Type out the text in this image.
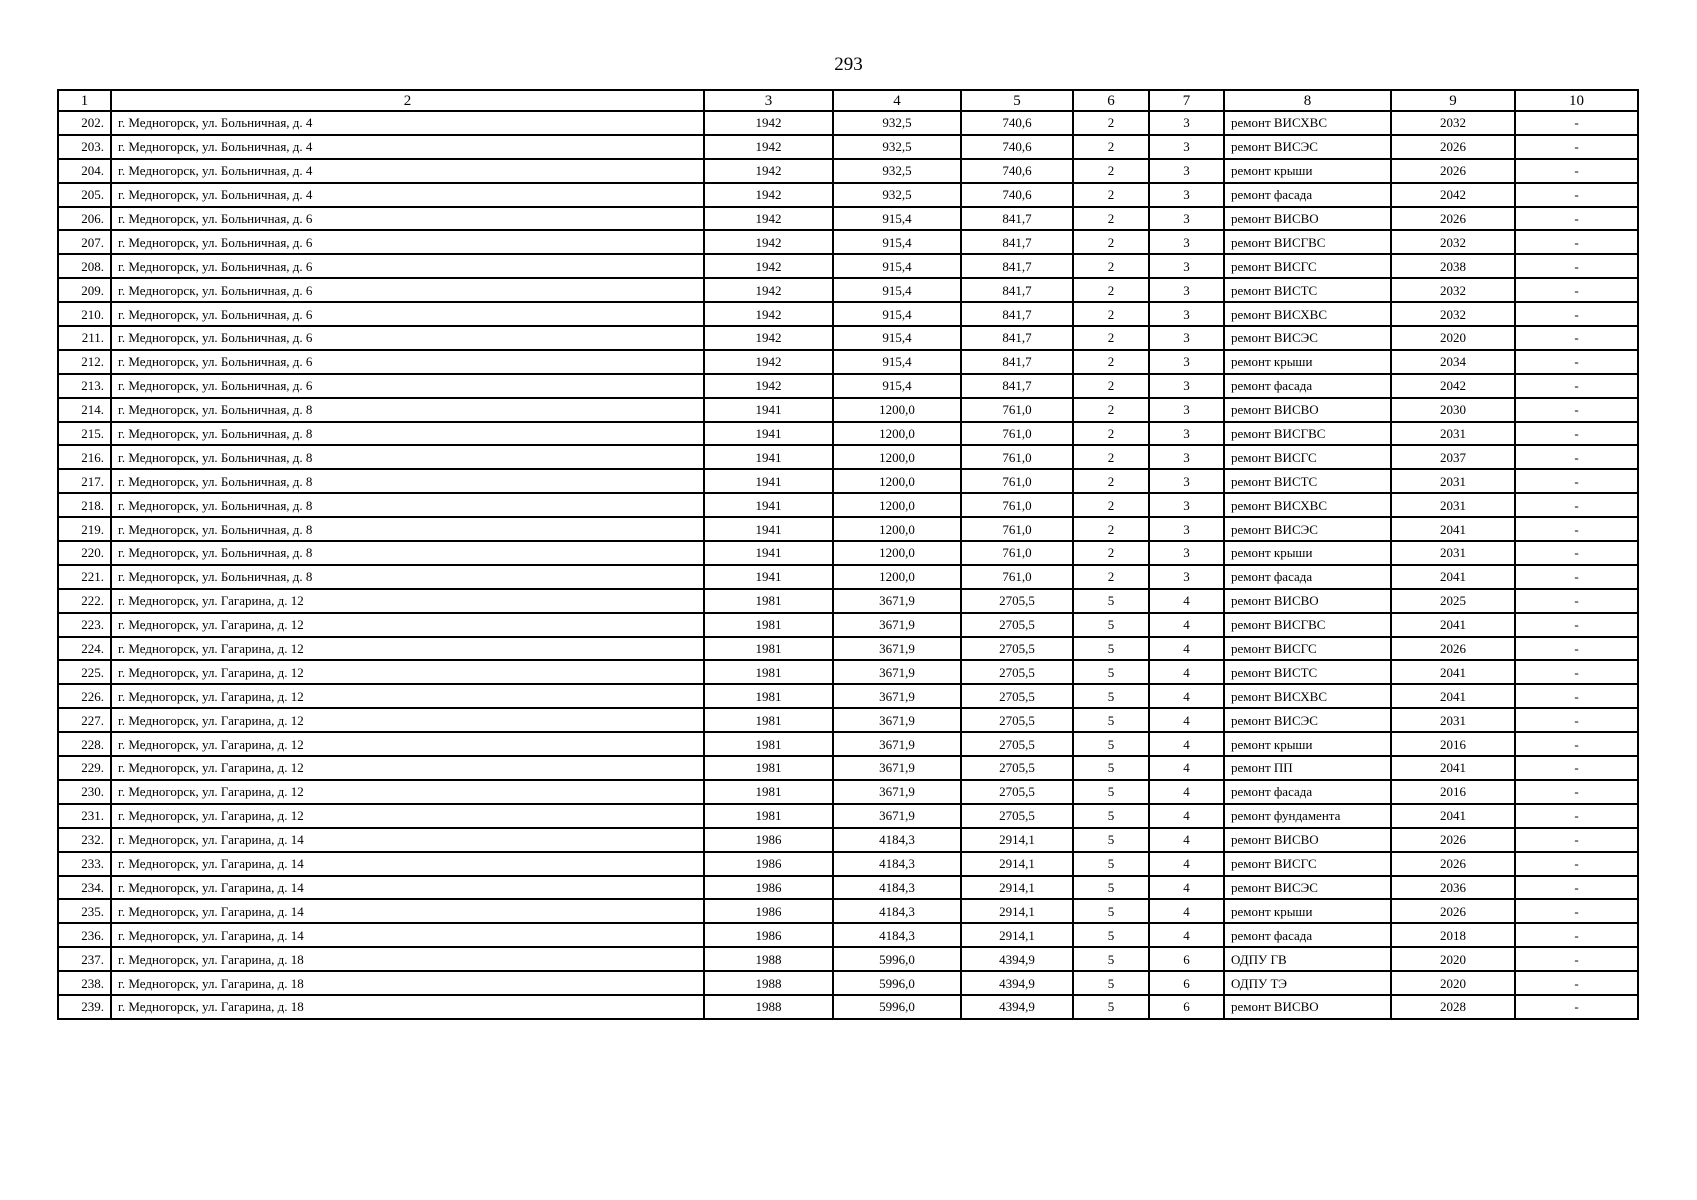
293
1	2	3	4	5	6	7	8	9	10
202.	г. Медногорск, ул. Больничная, д. 4	1942	932,5	740,6	2	3	ремонт ВИСХВС	2032	-
203.	г. Медногорск, ул. Больничная, д. 4	1942	932,5	740,6	2	3	ремонт ВИСЭС	2026	-
204.	г. Медногорск, ул. Больничная, д. 4	1942	932,5	740,6	2	3	ремонт крыши	2026	-
205.	г. Медногорск, ул. Больничная, д. 4	1942	932,5	740,6	2	3	ремонт фасада	2042	-
206.	г. Медногорск, ул. Больничная, д. 6	1942	915,4	841,7	2	3	ремонт ВИСВО	2026	-
207.	г. Медногорск, ул. Больничная, д. 6	1942	915,4	841,7	2	3	ремонт ВИСГВС	2032	-
208.	г. Медногорск, ул. Больничная, д. 6	1942	915,4	841,7	2	3	ремонт ВИСГС	2038	-
209.	г. Медногорск, ул. Больничная, д. 6	1942	915,4	841,7	2	3	ремонт ВИСТС	2032	-
210.	г. Медногорск, ул. Больничная, д. 6	1942	915,4	841,7	2	3	ремонт ВИСХВС	2032	-
211.	г. Медногорск, ул. Больничная, д. 6	1942	915,4	841,7	2	3	ремонт ВИСЭС	2020	-
212.	г. Медногорск, ул. Больничная, д. 6	1942	915,4	841,7	2	3	ремонт крыши	2034	-
213.	г. Медногорск, ул. Больничная, д. 6	1942	915,4	841,7	2	3	ремонт фасада	2042	-
214.	г. Медногорск, ул. Больничная, д. 8	1941	1200,0	761,0	2	3	ремонт ВИСВО	2030	-
215.	г. Медногорск, ул. Больничная, д. 8	1941	1200,0	761,0	2	3	ремонт ВИСГВС	2031	-
216.	г. Медногорск, ул. Больничная, д. 8	1941	1200,0	761,0	2	3	ремонт ВИСГС	2037	-
217.	г. Медногорск, ул. Больничная, д. 8	1941	1200,0	761,0	2	3	ремонт ВИСТС	2031	-
218.	г. Медногорск, ул. Больничная, д. 8	1941	1200,0	761,0	2	3	ремонт ВИСХВС	2031	-
219.	г. Медногорск, ул. Больничная, д. 8	1941	1200,0	761,0	2	3	ремонт ВИСЭС	2041	-
220.	г. Медногорск, ул. Больничная, д. 8	1941	1200,0	761,0	2	3	ремонт крыши	2031	-
221.	г. Медногорск, ул. Больничная, д. 8	1941	1200,0	761,0	2	3	ремонт фасада	2041	-
222.	г. Медногорск, ул. Гагарина, д. 12	1981	3671,9	2705,5	5	4	ремонт ВИСВО	2025	-
223.	г. Медногорск, ул. Гагарина, д. 12	1981	3671,9	2705,5	5	4	ремонт ВИСГВС	2041	-
224.	г. Медногорск, ул. Гагарина, д. 12	1981	3671,9	2705,5	5	4	ремонт ВИСГС	2026	-
225.	г. Медногорск, ул. Гагарина, д. 12	1981	3671,9	2705,5	5	4	ремонт ВИСТС	2041	-
226.	г. Медногорск, ул. Гагарина, д. 12	1981	3671,9	2705,5	5	4	ремонт ВИСХВС	2041	-
227.	г. Медногорск, ул. Гагарина, д. 12	1981	3671,9	2705,5	5	4	ремонт ВИСЭС	2031	-
228.	г. Медногорск, ул. Гагарина, д. 12	1981	3671,9	2705,5	5	4	ремонт крыши	2016	-
229.	г. Медногорск, ул. Гагарина, д. 12	1981	3671,9	2705,5	5	4	ремонт ПП	2041	-
230.	г. Медногорск, ул. Гагарина, д. 12	1981	3671,9	2705,5	5	4	ремонт фасада	2016	-
231.	г. Медногорск, ул. Гагарина, д. 12	1981	3671,9	2705,5	5	4	ремонт фундамента	2041	-
232.	г. Медногорск, ул. Гагарина, д. 14	1986	4184,3	2914,1	5	4	ремонт ВИСВО	2026	-
233.	г. Медногорск, ул. Гагарина, д. 14	1986	4184,3	2914,1	5	4	ремонт ВИСГС	2026	-
234.	г. Медногорск, ул. Гагарина, д. 14	1986	4184,3	2914,1	5	4	ремонт ВИСЭС	2036	-
235.	г. Медногорск, ул. Гагарина, д. 14	1986	4184,3	2914,1	5	4	ремонт крыши	2026	-
236.	г. Медногорск, ул. Гагарина, д. 14	1986	4184,3	2914,1	5	4	ремонт фасада	2018	-
237.	г. Медногорск, ул. Гагарина, д. 18	1988	5996,0	4394,9	5	6	ОДПУ ГВ	2020	-
238.	г. Медногорск, ул. Гагарина, д. 18	1988	5996,0	4394,9	5	6	ОДПУ ТЭ	2020	-
239.	г. Медногорск, ул. Гагарина, д. 18	1988	5996,0	4394,9	5	6	ремонт ВИСВО	2028	-
